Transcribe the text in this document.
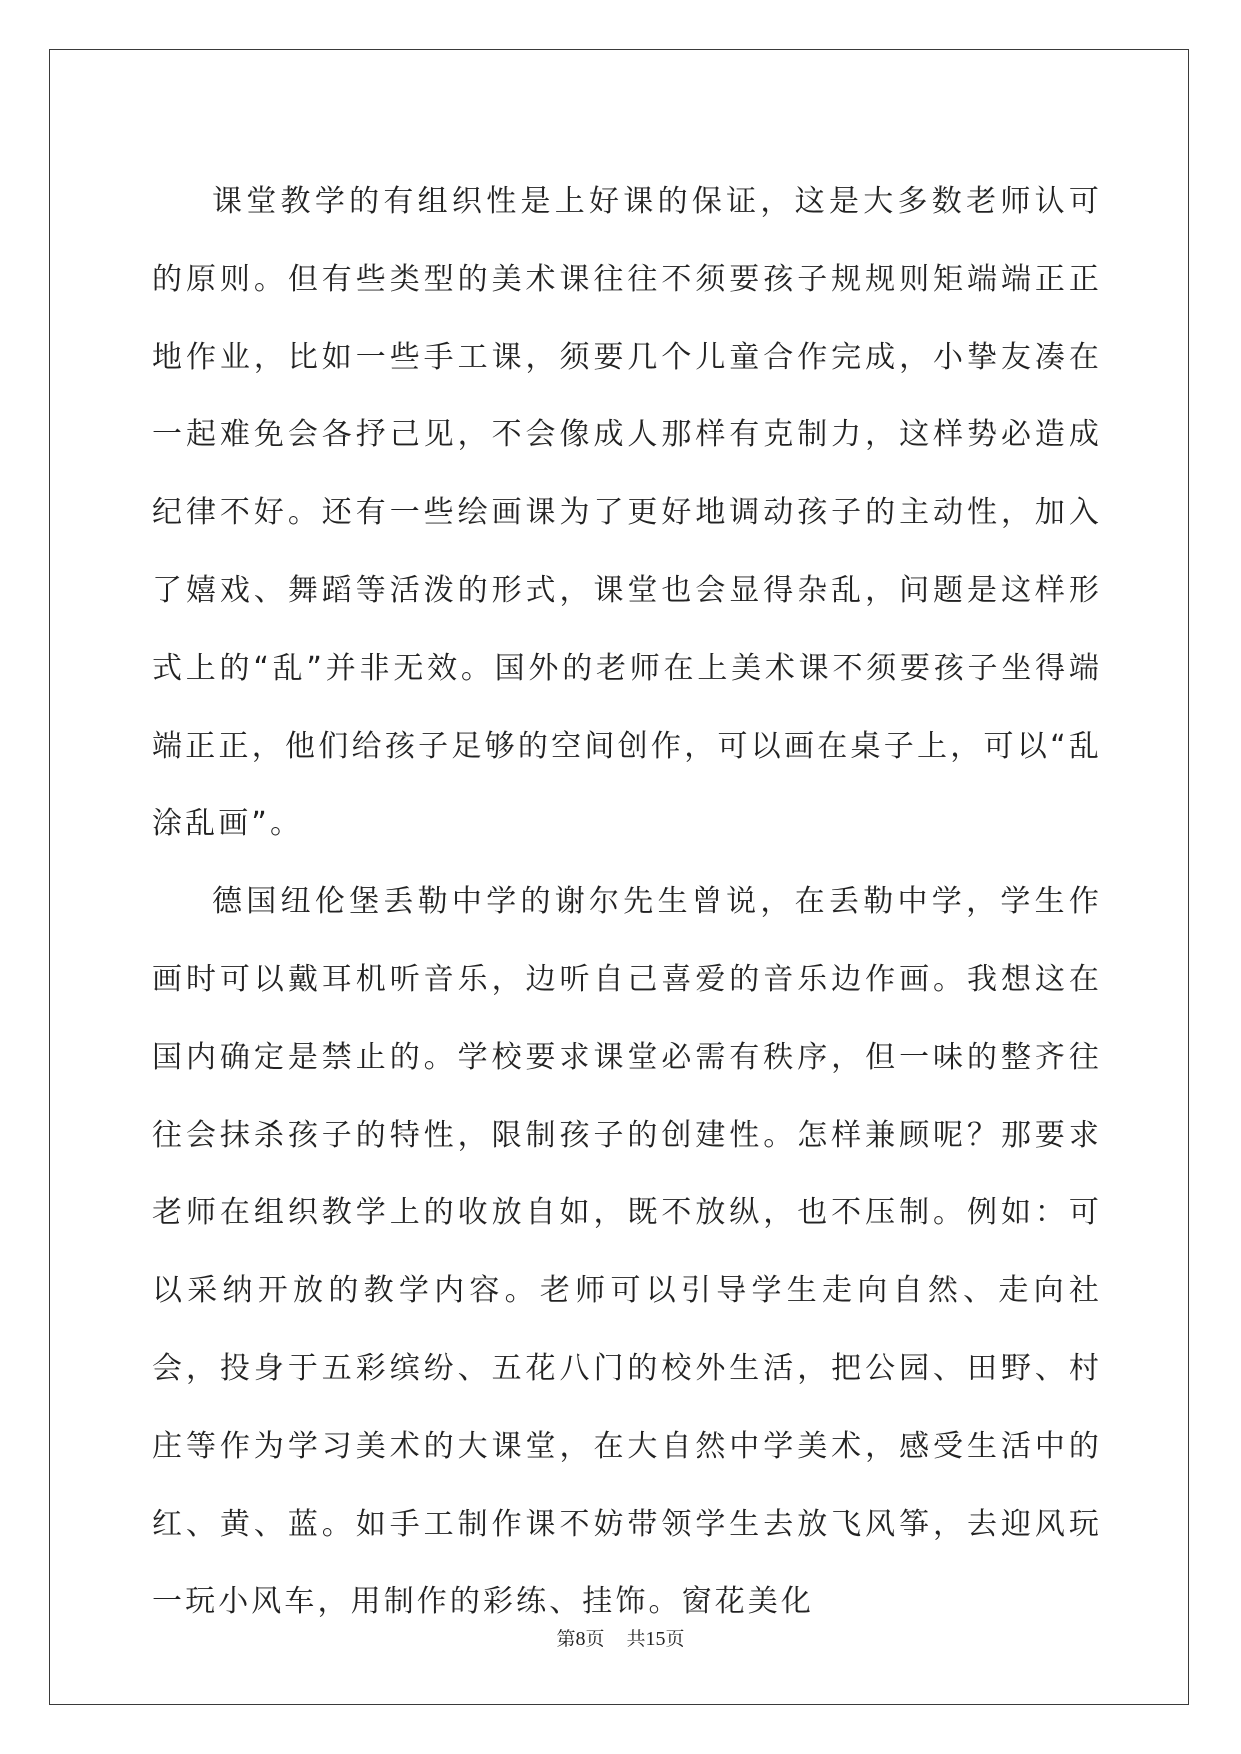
课堂教学的有组织性是上好课的保证，这是大多数老师认可的原则。但有些类型的美术课往往不须要孩子规规则矩端端正正地作业，比如一些手工课，须要几个儿童合作完成，小挚友凑在一起难免会各抒己见，不会像成人那样有克制力，这样势必造成纪律不好。还有一些绘画课为了更好地调动孩子的主动性，加入了嬉戏、舞蹈等活泼的形式，课堂也会显得杂乱，问题是这样形式上的“乱”并非无效。国外的老师在上美术课不须要孩子坐得端端正正，他们给孩子足够的空间创作，可以画在桌子上，可以“乱涂乱画”。

德国纽伦堡丢勒中学的谢尔先生曾说，在丢勒中学，学生作画时可以戴耳机听音乐，边听自己喜爱的音乐边作画。我想这在国内确定是禁止的。学校要求课堂必需有秩序，但一味的整齐往往会抹杀孩子的特性，限制孩子的创建性。怎样兼顾呢？那要求老师在组织教学上的收放自如，既不放纵，也不压制。例如：可以采纳开放的教学内容。老师可以引导学生走向自然、走向社会，投身于五彩缤纷、五花八门的校外生活，把公园、田野、村庄等作为学习美术的大课堂，在大自然中学美术，感受生活中的红、黄、蓝。如手工制作课不妨带领学生去放飞风筝，去迎风玩一玩小风车，用制作的彩练、挂饰。窗花美化

第8页 共15页
